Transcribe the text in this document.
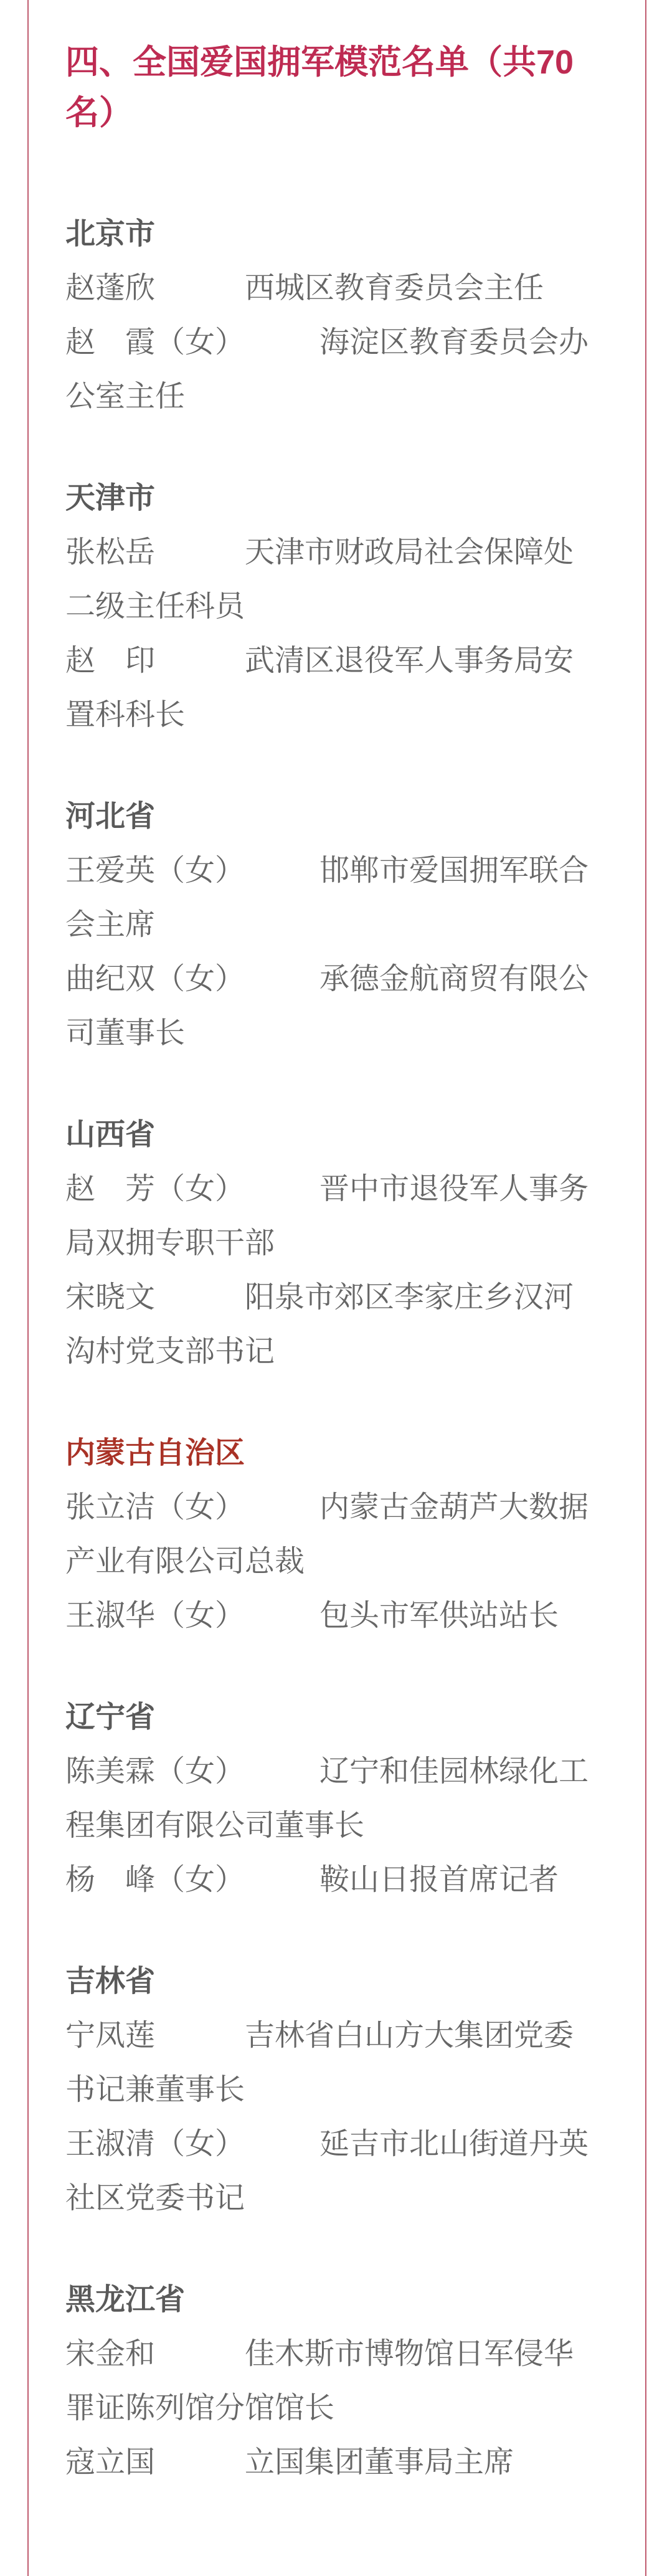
四、全国爱国拥军模范名单（共70名）
北京市

赵蓬欣　　　西城区教育委员会主任

赵　霞（女）　　　海淀区教育委员会办公室主任

天津市

张松岳　　　天津市财政局社会保障处二级主任科员

赵　印　　　武清区退役军人事务局安置科科长

河北省

王爱英（女）　　　邯郸市爱国拥军联合会主席

曲纪双（女）　　　承德金航商贸有限公司董事长

山西省

赵　芳（女）　　　晋中市退役军人事务局双拥专职干部

宋晓文　　　阳泉市郊区李家庄乡汉河沟村党支部书记

内蒙古自治区

张立洁（女）　　　内蒙古金葫芦大数据产业有限公司总裁

王淑华（女）　　　包头市军供站站长

辽宁省

陈美霖（女）　　　辽宁和佳园林绿化工程集团有限公司董事长

杨　峰（女）　　　鞍山日报首席记者

吉林省

宁凤莲　　　吉林省白山方大集团党委书记兼董事长

王淑清（女）　　　延吉市北山街道丹英社区党委书记

黑龙江省

宋金和　　　佳木斯市博物馆日军侵华罪证陈列馆分馆馆长

寇立国　　　立国集团董事局主席
